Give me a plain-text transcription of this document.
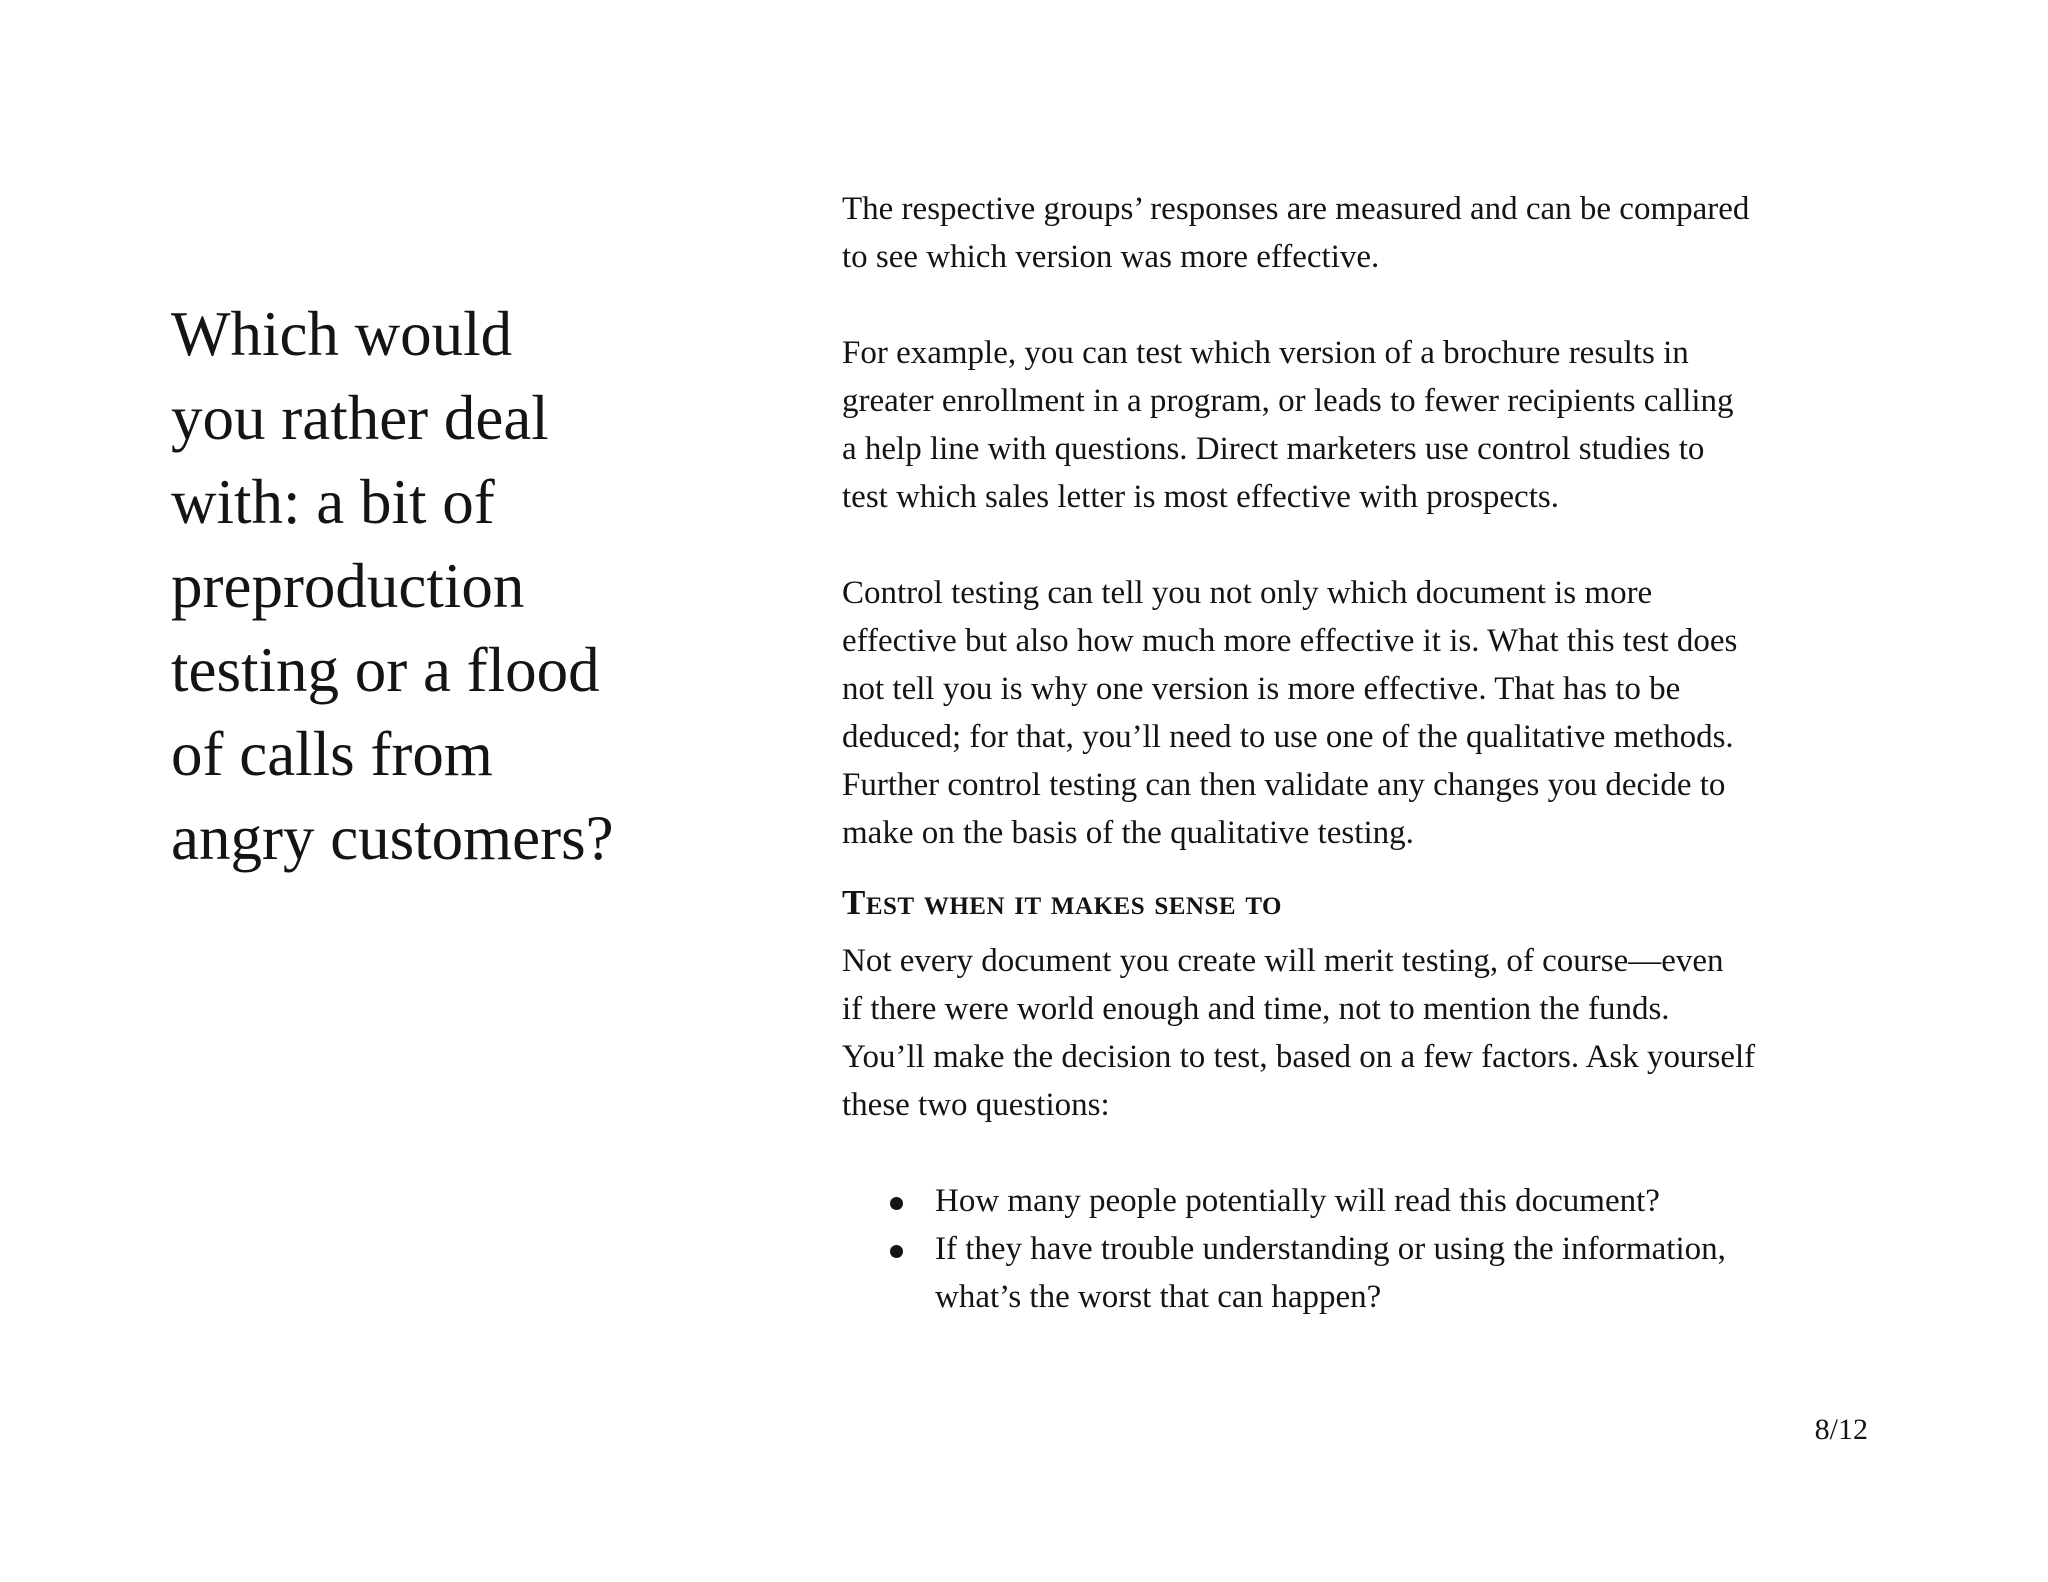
Which would
you rather deal
with: a bit of
preproduction
testing or a flood
of calls from
angry customers?

The respective groups’ responses are measured and can be compared
to see which version was more effective.

For example, you can test which version of a brochure results in
greater enrollment in a program, or leads to fewer recipients calling
a help line with questions. Direct marketers use control studies to
test which sales letter is most effective with prospects.

Control testing can tell you not only which document is more
effective but also how much more effective it is. What this test does
not tell you is why one version is more effective. That has to be
deduced; for that, you’ll need to use one of the qualitative methods.
Further control testing can then validate any changes you decide to
make on the basis of the qualitative testing.

Test when it makes sense to

Not every document you create will merit testing, of course—even
if there were world enough and time, not to mention the funds.
You’ll make the decision to test, based on a few factors. Ask yourself
these two questions:

How many people potentially will read this document?
If they have trouble understanding or using the information,
what’s the worst that can happen?
8/12
